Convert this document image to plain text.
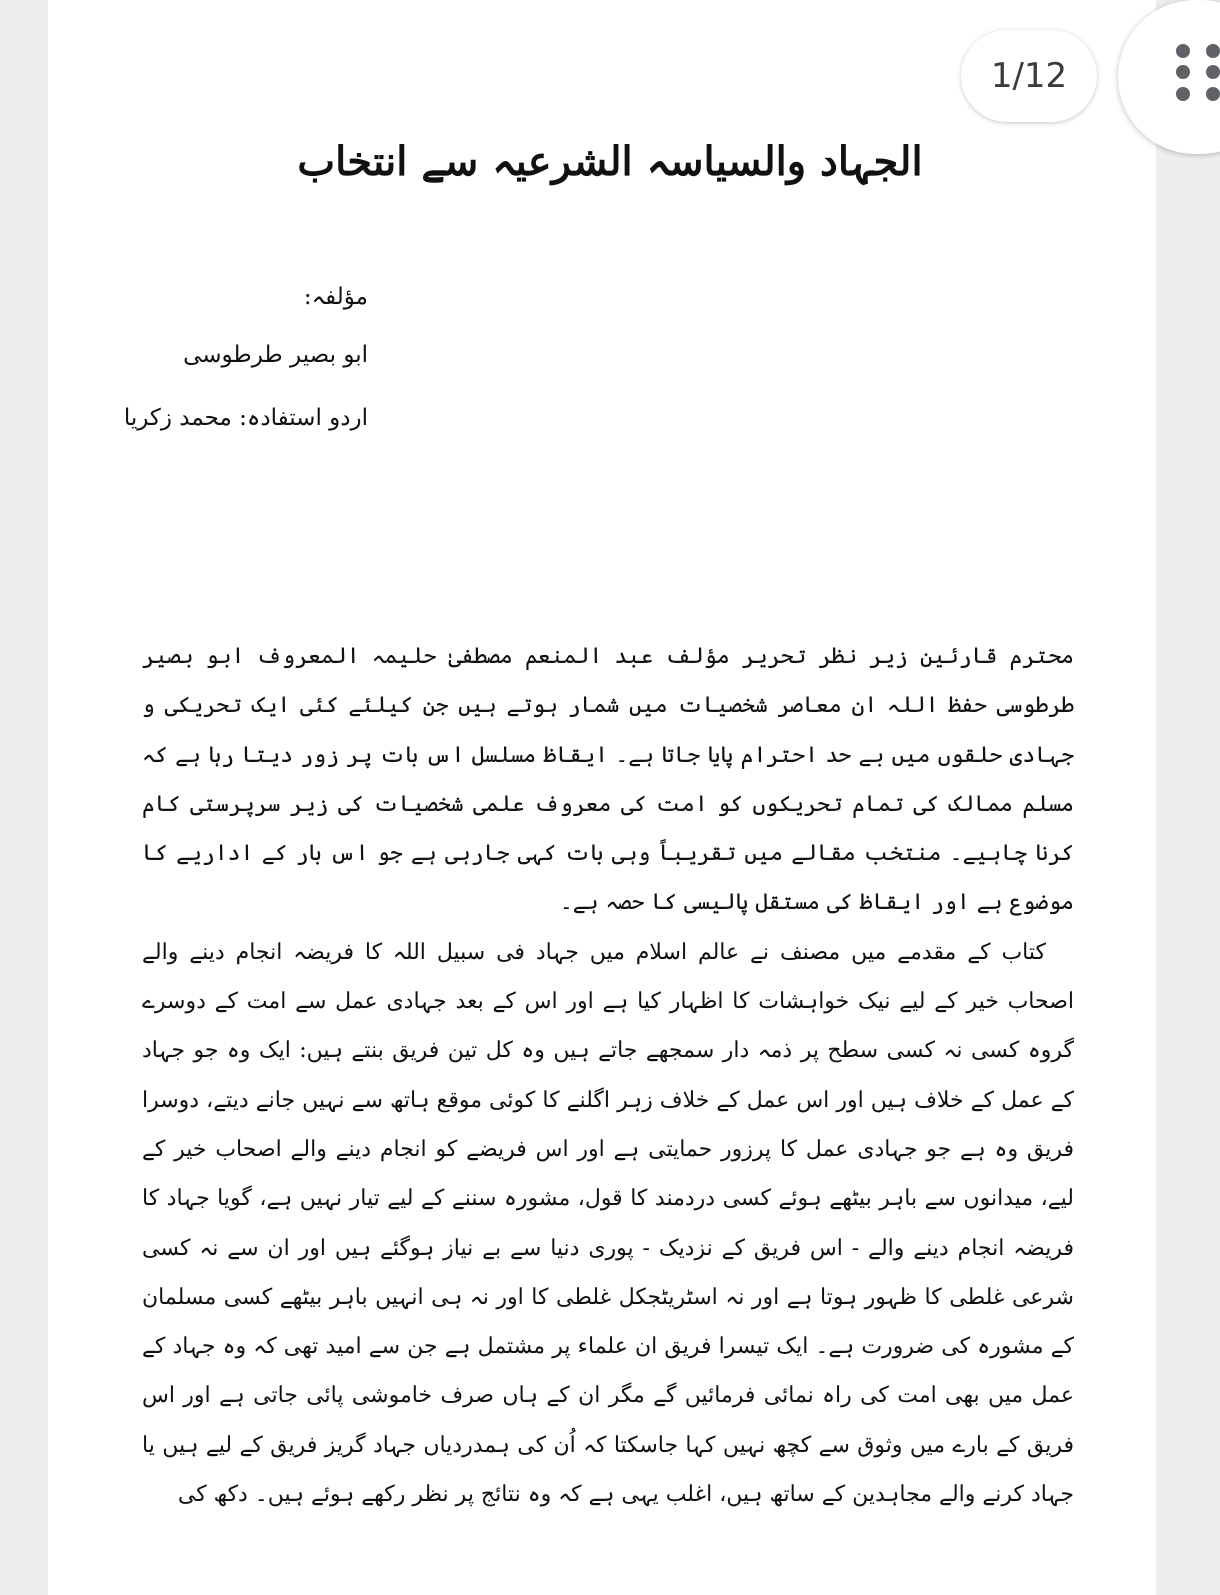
الجہاد والسیاسہ الشرعیہ سے انتخاب

مؤلفہ:

ابو بصیر طرطوسی

اردو استفادہ: محمد زکریا

محترم قارئین زیر نظر تحریر مؤلف عبد المنعم مصطفیٰ حلیمہ المعروف ابو بصیر طرطوسی حفظ اللہ ان معاصر شخصیات میں شمار ہوتے ہیں جن کیلئے کئی ایک تحریکی و جہادی حلقوں میں بے حد احترام پایا جاتا ہے۔ ایقاظ مسلسل اس بات پر زور دیتا رہا ہے کہ مسلم ممالک کی تمام تحریکوں کو امت کی معروف علمی شخصیات کی زیر سرپرستی کام کرنا چاہیے۔ منتخب مقالے میں تقریباً وہی بات کہی جارہی ہے جو اس بار کے اداریے کا موضوع ہے اور ایقاظ کی مستقل پالیسی کا حصہ ہے۔

کتاب کے مقدمے میں مصنف نے عالم اسلام میں جہاد فی سبیل اللہ کا فریضہ انجام دینے والے اصحاب خیر کے لیے نیک خواہشات کا اظہار کیا ہے اور اس کے بعد جہادی عمل سے امت کے دوسرے گروہ کسی نہ کسی سطح پر ذمہ دار سمجھے جاتے ہیں وہ کل تین فریق بنتے ہیں: ایک وہ جو جہاد کے عمل کے خلاف ہیں اور اس عمل کے خلاف زہر اگلنے کا کوئی موقع ہاتھ سے نہیں جانے دیتے، دوسرا فریق وہ ہے جو جہادی عمل کا پرزور حمایتی ہے اور اس فریضے کو انجام دینے والے اصحاب خیر کے لیے، میدانوں سے باہر بیٹھے ہوئے کسی دردمند کا قول، مشورہ سننے کے لیے تیار نہیں ہے، گویا جہاد کا فریضہ انجام دینے والے - اس فریق کے نزدیک - پوری دنیا سے بے نیاز ہوگئے ہیں اور ان سے نہ کسی شرعی غلطی کا ظہور ہوتا ہے اور نہ اسٹریٹجکل غلطی کا اور نہ ہی انہیں باہر بیٹھے کسی مسلمان کے مشورہ کی ضرورت ہے۔ ایک تیسرا فریق ان علماء پر مشتمل ہے جن سے امید تھی کہ وہ جہاد کے عمل میں بھی امت کی راہ نمائی فرمائیں گے مگر ان کے ہاں صرف خاموشی پائی جاتی ہے اور اس فریق کے بارے میں وثوق سے کچھ نہیں کہا جاسکتا کہ اُن کی ہمدردیاں جہاد گریز فریق کے لیے ہیں یا جہاد کرنے والے مجاہدین کے ساتھ ہیں، اغلب یہی ہے کہ وہ نتائج پر نظر رکھے ہوئے ہیں۔ دکھ کی

1/12
